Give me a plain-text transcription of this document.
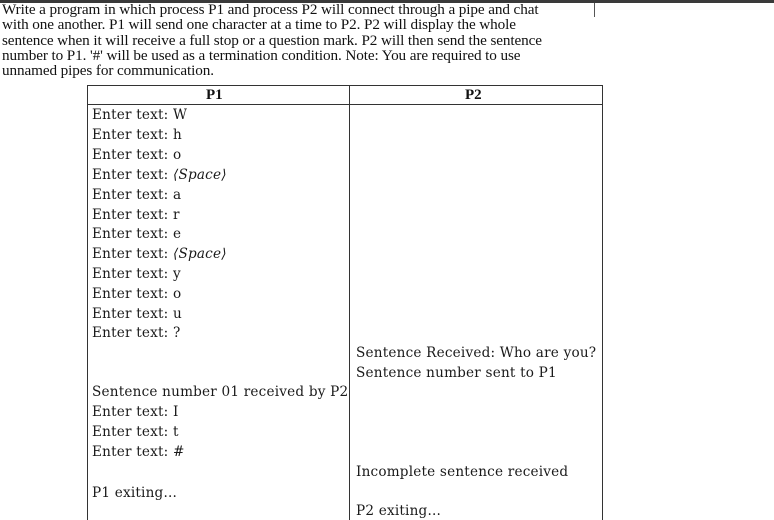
Write a program in which process P1 and process P2 will connect through a pipe and chat
with one another. P1 will send one character at a time to P2. P2 will display the whole
sentence when it will receive a full stop or a question mark. P2 will then send the sentence
number to P1. '#' will be used as a termination condition. Note: You are required to use
unnamed pipes for communication.

P1	P2
Enter text: W
Enter text: h
Enter text: o
Enter text: ⟨Space⟩
Enter text: a
Enter text: r
Enter text: e
Enter text: ⟨Space⟩
Enter text: y
Enter text: o
Enter text: u
Enter text: ?
Sentence number 01 received by P2
Enter text: I
Enter text: t
Enter text: #
P1 exiting...
Sentence Received: Who are you?
Sentence number sent to P1
Incomplete sentence received
P2 exiting...
